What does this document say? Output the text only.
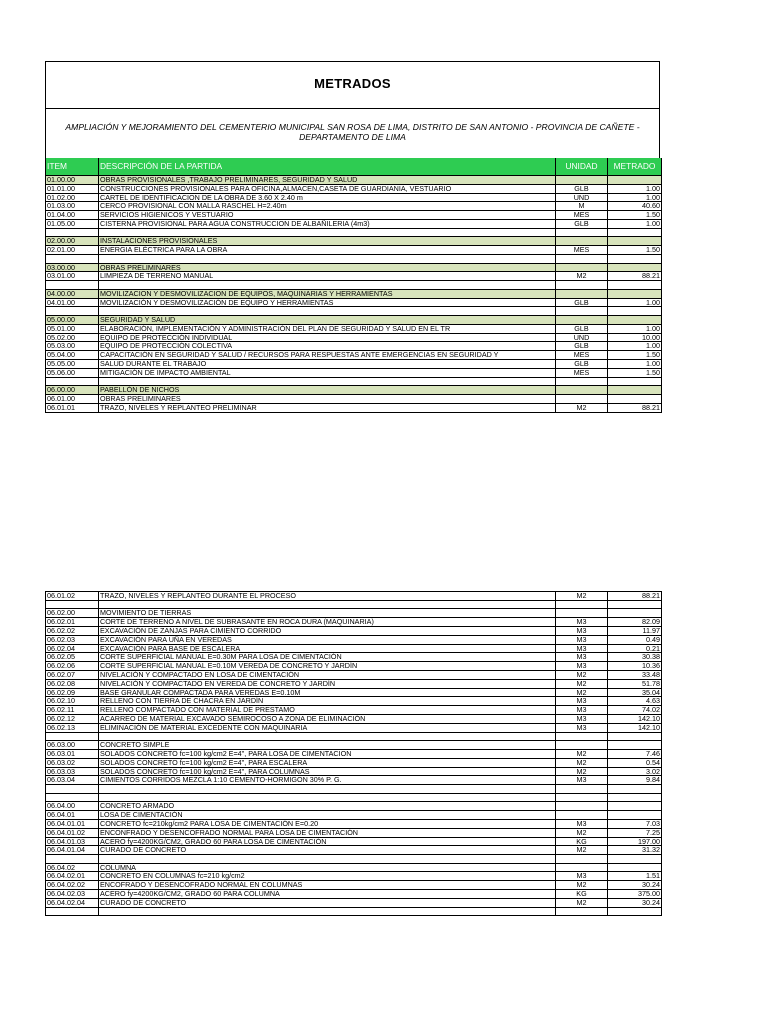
METRADOS
AMPLIACIÓN Y MEJORAMIENTO DEL CEMENTERIO MUNICIPAL SAN ROSA DE LIMA, DISTRITO DE SAN ANTONIO - PROVINCIA DE CAÑETE - DEPARTAMENTO DE LIMA
ITEM	DESCRIPCIÓN DE LA PARTIDA	UNIDAD	METRADO
01.00.00	OBRAS PROVISIONALES ,TRABAJO PRELIMINARES, SEGURIDAD Y SALUD		
01.01.00	CONSTRUCCIONES PROVISIONALES PARA OFICINA,ALMACEN,CASETA DE GUARDIANIA, VESTUARIO	GLB	1.00
01.02.00	CARTEL DE IDENTIFICACION DE LA OBRA DE 3.60 X 2.40 m	UND	1.00
01.03.00	CERCO PROVISIONAL CON MALLA RASCHEL H=2.40m	M	40.60
01.04.00	SERVICIOS HIGIENICOS Y VESTUARIO	MES	1.50
01.05.00	CISTERNA PROVISIONAL PARA AGUA CONSTRUCCION DE ALBAÑILERIA (4m3)	GLB	1.00

02.00.00	INSTALACIONES PROVISIONALES		
02.01.00	ENERGIA ELÉCTRICA PARA LA OBRA	MES	1.50

03.00.00	OBRAS PRELIMINARES		
03.01.00	LIMPIEZA DE TERRENO MANUAL	M2	88.21

04.00.00	MOVILIZACION Y DESMOVILIZACION DE EQUIPOS, MAQUINARIAS Y HERRAMIENTAS		
04.01.00	MOVILIZACIÓN Y DESMOVILIZACIÓN DE EQUIPO Y HERRAMIENTAS	GLB	1.00

05.00.00	SEGURIDAD Y SALUD		
05.01.00	ELABORACIÓN, IMPLEMENTACIÓN Y ADMINISTRACIÓN DEL PLAN DE SEGURIDAD Y SALUD EN EL TR	GLB	1.00
05.02.00	EQUIPO DE PROTECCIÓN INDIVIDUAL	UND	10.00
05.03.00	EQUIPO DE PROTECCIÓN COLECTIVA	GLB	1.00
05.04.00	CAPACITACIÓN EN SEGURIDAD Y SALUD / RECURSOS PARA RESPUESTAS ANTE EMERGENCIAS EN SEGURIDAD Y	MES	1.50
05.05.00	SALUD DURANTE EL TRABAJO	GLB	1.00
05.06.00	MITIGACIÓN DE IMPACTO AMBIENTAL	MES	1.50

06.00.00	PABELLÓN DE NICHOS		
06.01.00	OBRAS PRELIMINARES		
06.01.01	TRAZO, NIVELES Y REPLANTEO PRELIMINAR	M2	88.21
06.01.02	TRAZO, NIVELES Y REPLANTEO DURANTE EL PROCESO	M2	88.21

06.02.00	MOVIMIENTO DE TIERRAS		
06.02.01	CORTE DE TERRENO A NIVEL DE SUBRASANTE EN ROCA DURA (MAQUINARIA)	M3	82.09
06.02.02	EXCAVACIÓN DE ZANJAS PARA CIMIENTO CORRIDO	M3	11.97
06.02.03	EXCAVACIÓN PARA UÑA EN VEREDAS	M3	0.49
06.02.04	EXCAVACIÓN PARA BASE DE ESCALERA	M3	0.21
06.02.05	CORTE SUPERFICIAL MANUAL E=0.30M PARA LOSA DE CIMENTACIÓN	M3	30.38
06.02.06	CORTE SUPERFICIAL MANUAL E=0.10M VEREDA DE CONCRETO Y JARDÍN	M3	10.36
06.02.07	NIVELACIÓN Y COMPACTADO EN LOSA DE CIMENTACIÓN	M2	33.48
06.02.08	NIVELACIÓN Y COMPACTADO EN VEREDA DE CONCRETO Y JARDÍN	M2	51.78
06.02.09	BASE GRANULAR COMPACTADA PARA VEREDAS E=0.10M	M2	35.04
06.02.10	RELLENO CON TIERRA DE CHACRA EN JARDÍN	M3	4.63
06.02.11	RELLENO COMPACTADO CON MATERIAL DE PRESTAMO	M3	74.02
06.02.12	ACARREO DE MATERIAL EXCAVADO SEMIROCOSO A ZONA DE ELIMINACIÓN	M3	142.10
06.02.13	ELIMINACIÓN DE MATERIAL EXCEDENTE CON MAQUINARIA	M3	142.10

06.03.00	CONCRETO SIMPLE		
06.03.01	SOLADOS CONCRETO fc=100 kg/cm2 E=4", PARA LOSA DE CIMENTACION	M2	7.46
06.03.02	SOLADOS CONCRETO fc=100 kg/cm2 E=4", PARA ESCALERA	M2	0.54
06.03.03	SOLADOS CONCRETO fc=100 kg/cm2 E=4", PARA COLUMNAS	M2	3.02
06.03.04	CIMIENTOS CORRIDOS MEZCLA 1:10 CEMENTO-HORMIGON 30% P. G.	M3	9.84

06.04.00	CONCRETO ARMADO		
06.04.01	LOSA DE CIMENTACIÓN		
06.04.01.01	CONCRETO fc=210kg/cm2 PARA LOSA DE CIMENTACIÓN E=0.20	M3	7.03
06.04.01.02	ENCONFRADO Y DESENCOFRADO NORMAL PARA LOSA DE CIMENTACIÓN	M2	7.25
06.04.01.03	ACERO fy=4200KG/CM2, GRADO 60 PARA LOSA DE CIMENTACIÓN	KG	197.00
06.04.01.04	CURADO DE CONCRETO	M2	31.32

06.04.02	COLUMNA		
06.04.02.01	CONCRETO EN COLUMNAS fc=210 kg/cm2	M3	1.51
06.04.02.02	ENCOFRADO Y DESENCOFRADO NORMAL EN COLUMNAS	M2	30.24
06.04.02.03	ACERO fy=4200KG/CM2, GRADO 60 PARA COLUMNA	KG	375.00
06.04.02.04	CURADO DE CONCRETO	M2	30.24
